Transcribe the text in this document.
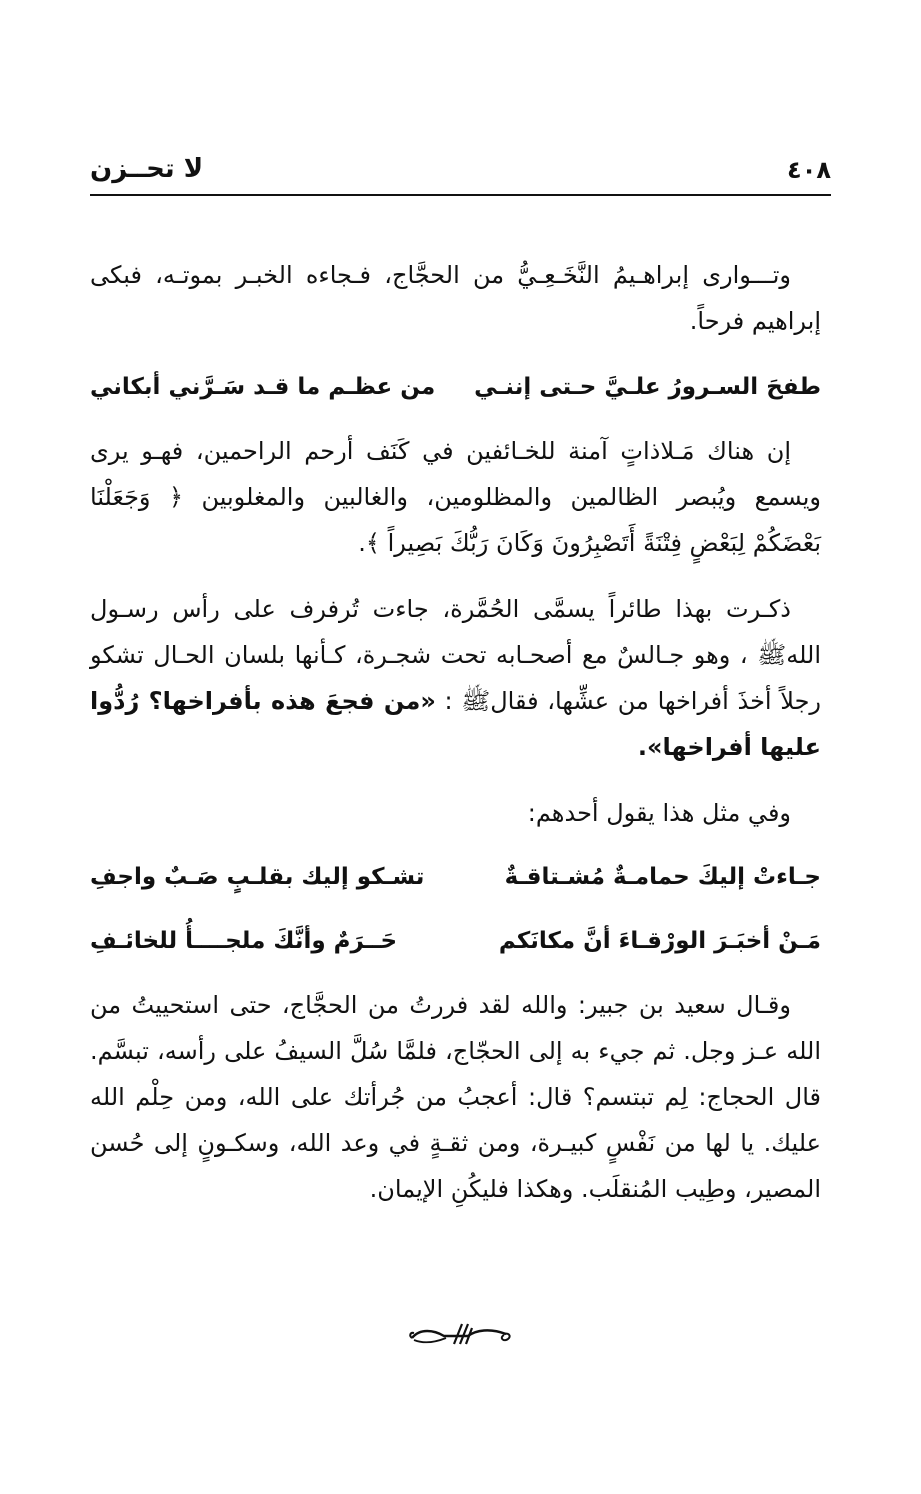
٤٠٨
لا تحــزن

وتـــوارى إبراهـيمُ النَّخَـعِـيُّ من الحجَّاج، فـجاءه الخبـر بموتـه، فبكى إبراهيم فرحاً.

طفحَ السـرورُ علـيَّ حـتى إننـي
من عظـم ما قـد سَـرَّني أبكاني

إن هناك مَـلاذاتٍ آمنة للخـائفين في كَنَف أرحم الراحمين، فهـو يرى ويسمع ويُبصر الظالمين والمظلومين، والغالبين والمغلوبين ﴿ وَجَعَلْنَا بَعْضَكُمْ لِبَعْضٍ فِتْنَةً أَتَصْبِرُونَ وَكَانَ رَبُّكَ بَصِيراً ﴾.

ذكـرت بهذا طائراً يسمَّى الحُمَّرة، جاءت تُرفرف على رأس رسـول اللهﷺ ، وهو جـالسٌ مع أصحـابه تحت شجـرة، كـأنها بلسان الحـال تشكو رجلاً أخذَ أفراخها من عشِّها، فقالﷺ : «من فجعَ هذه بأفراخها؟ رُدُّوا عليها أفراخها».

وفي مثل هذا يقول أحدهم:

جـاءتْ إليكَ حمامـةٌ مُشـتاقـةٌ
تشـكو إليك بقلـبٍ صَـبٌ واجفِ
مَـنْ أخبَـرَ الورْقـاءَ أنَّ مكانَكم
حَــرَمٌ وأنَّكَ ملجــــأُ للخائـفِ

وقـال سعيد بن جبير: والله لقد فررتُ من الحجَّاج، حتى استحييتُ من الله عـز وجل. ثم جيء به إلى الحجّاج، فلمَّا سُلَّ السيفُ على رأسه، تبسَّم. قال الحجاج: لِم تبتسم؟ قال: أعجبُ من جُرأتك على الله، ومن حِلْم الله عليك. يا لها من نَفْسٍ كبيـرة، ومن ثقـةٍ في وعد الله، وسكـونٍ إلى حُسن المصير، وطِيب المُنقلَب. وهكذا فليكُنِ الإيمان.
